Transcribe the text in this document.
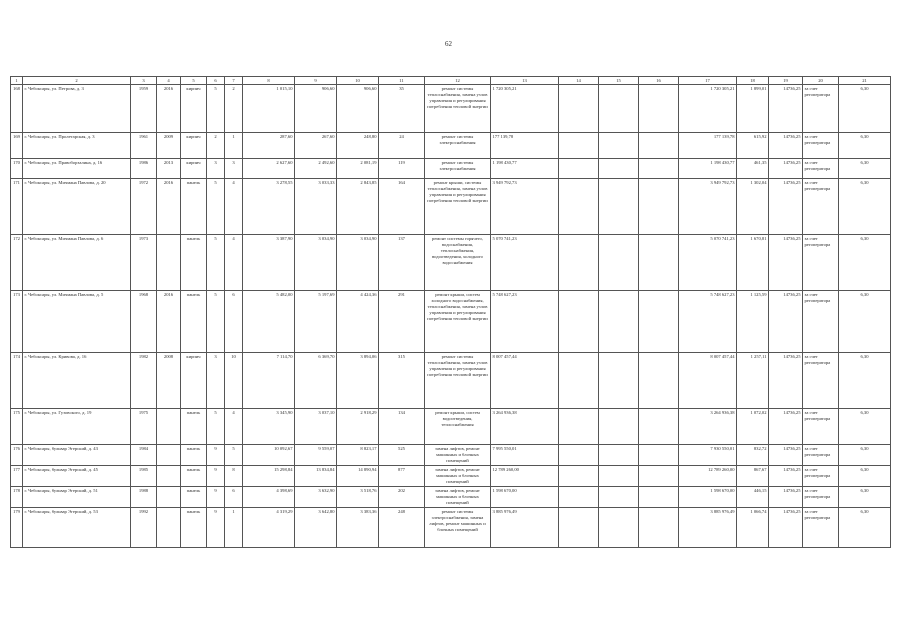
62
1	2	3	4	5	6	7	8	9	10	11	12	13	14	15	16	17	18	19	20	21
168	г. Чебоксары, ул. Петрова, д. 3	1959	2016	кирпич	5	2	1 015,10	906,60	906,60	35	ремонт системы теплоснабжения, замена узлов управления и регулирования потребления тепловой энергии	1 720 305,21				1 720 305,21	1 899,01	14736,25	за счет регоператора	6,30
169	г. Чебоксары, ул. Пролетарская, д. 3	1961	2009	кирпич	2	1	287,60	267,60	248,80	24	ремонт системы электроснабжения	177 139,78				177 139,78	615,92	14736,25	за счет регоператора	6,30
170	г. Чебоксары, ул. Правоборзалина, д. 16	1986	2013	кирпич	3	3	2 627,60	2 492,60	2 081,19	119	ремонт системы электроснабжения	1 198 430,77				1 198 430,77	461,35	14736,25	за счет регоператора	6,30
171	г. Чебоксары, ул. Мичмана Павлова, д. 20	1972	2016	панель	5	4	3 278,55	3 033,33	2 843,85	164	ремонт крыши, системы теплоснабжения, замена узлов управления и регулирования потребления тепловой энергии	3 949 792,73				3 949 792,73	1 302,04	14736,25	за счет регоператора	6,30
172	г. Чебоксары, ул. Мичмана Павлова, д. 6	1973		панель	5	4	3 387,90	3 034,90	3 034,90	137	ремонт системы горячего, водоснабжения, теплоснабжения, водоотведения, холодного водоснабжения	5 070 741,23				5 070 741,23	1 670,81	14736,25	за счет регоператора	6,30
173	г. Чебоксары, ул. Мичмана Павлова, д. 5	1968	2016	панель	5	6	5 482,00	5 197,69	4 424,36	291	ремонт крыши, систем холодного водоснабжения, теплоснабжения, замена узлов управления и регулирования потребления тепловой энергии	5 748 627,23				5 748 627,23	1 125,59	14736,25	за счет регоператора	6,30
174	г. Чебоксары, ул. Кривова, д. 16	1982	2008	кирпич	3	10	7 114,70	6 369,70	3 894,06	315	ремонт системы теплоснабжения, замена узлов управления и регулирования потребления тепловой энергии	8 007 457,44				8 007 457,44	1 257,11	14736,25	за счет регоператора	6,30
175	г. Чебоксары, ул. Гузовского, д. 19	1975		панель	5	4	3 345,90	3 037,10	2 918,29	134	ремонт крыши, систем водоотведения, теплоснабжения	3 264 936,38				3 264 936,38	1 072,02	14736,25	за счет регоператора	6,30
176	г. Чебоксары, бульвар Эгерский, д. 43	1984		панель	9	5	10 092,67	9 559,07	8 823,17	525	замена лифтов, ремонт машинных и блочных помещений	7 995 550,01				7 930 550,01	832,72	14736,25	за счет регоператора	6,30
177	г. Чебоксары, бульвар Эгерский, д. 45	1985		панель	9	8	15 298,84	13 834,84	14 890,94	877	замена лифтов, ремонт машинных и блочных помещений	12 789 260,00				12 789 260,00	867,67	14736,25	за счет регоператора	6,30
178	г. Чебоксары, бульвар Эгерский, д. 51	1988		панель	9	6	4 398,69	3 632,90	3 518,76	202	замена лифтов, ремонт машинных и блочных помещений	1 598 670,00				1 598 670,00	446,15	14736,25	за счет регоператора	6,30
179	г. Чебоксары, бульвар Эгерский, д. 53	1992		панель	9	1	4 319,29	3 642,80	3 383,36	248	ремонт системы электроснабжения, замена лифтов, ремонт машинных и блочных помещений	3 885 976,49				3 885 976,49	1 066,74	14736,25	за счет регоператора	6,30
